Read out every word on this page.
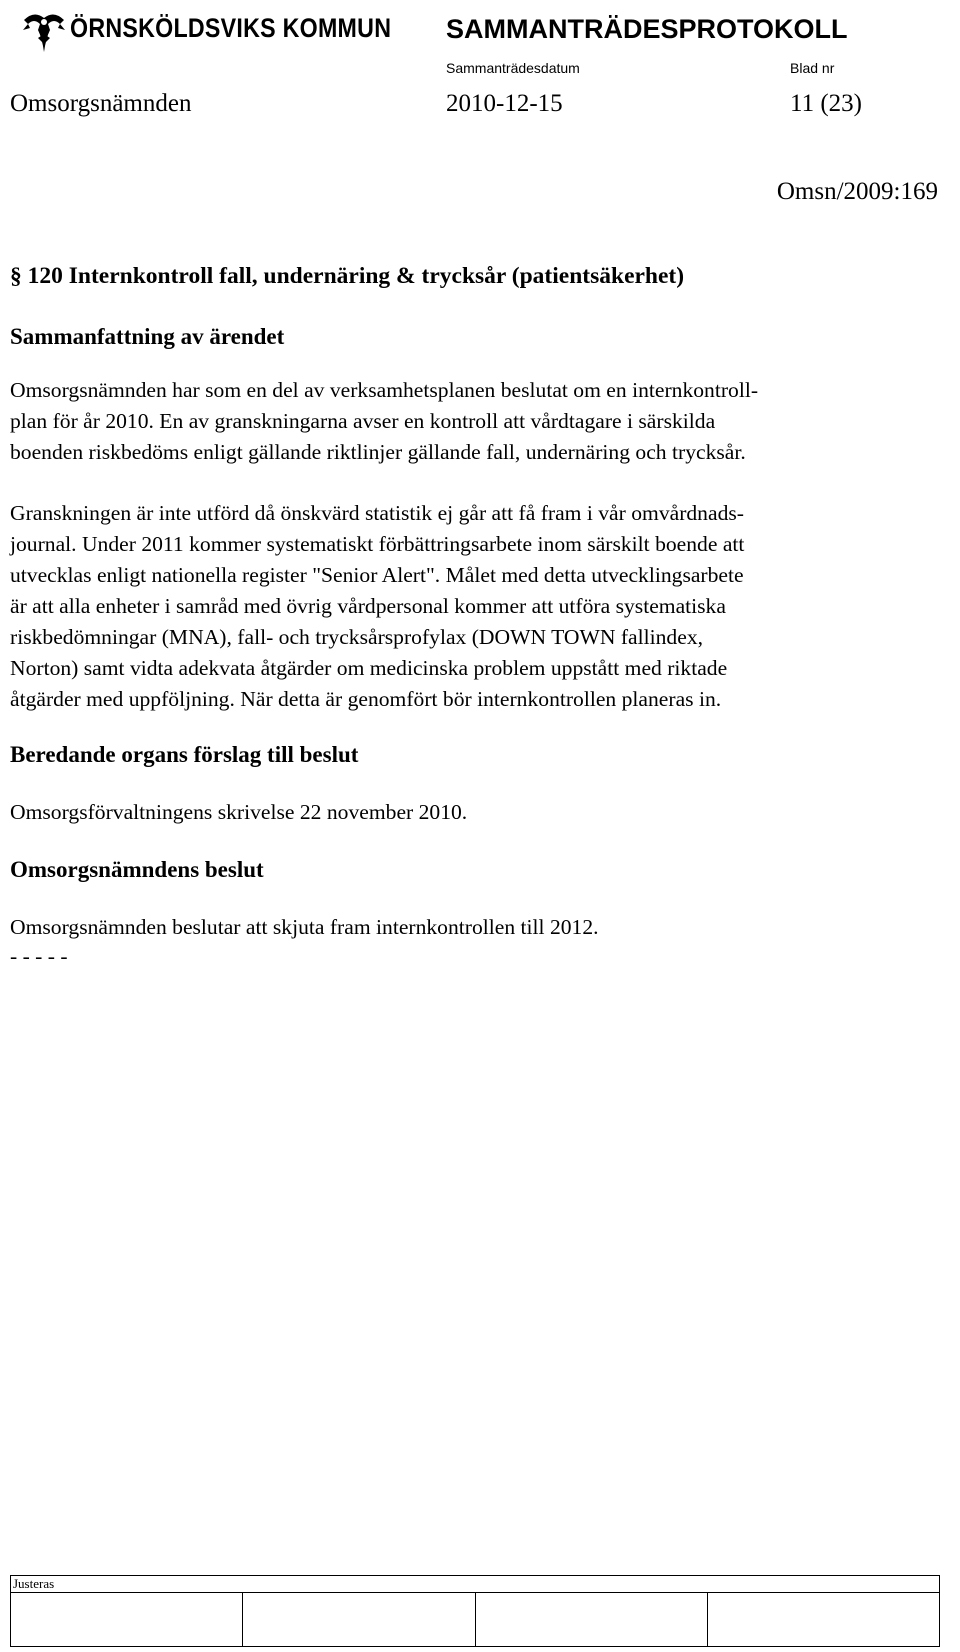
ÖRNSKÖLDSVIKS KOMMUN SAMMANTRÄDESPROTOKOLL
Sammanträdesdatum	Blad nr
Omsorgsnämnden	2010-12-15	11 (23)
Omsn/2009:169
§ 120 Internkontroll fall, undernäring & trycksår (patientsäkerhet)
Sammanfattning av ärendet

Omsorgsnämnden har som en del av verksamhetsplanen beslutat om en internkontroll-
plan för år 2010. En av granskningarna avser en kontroll att vårdtagare i särskilda
boenden riskbedöms enligt gällande riktlinjer gällande fall, undernäring och trycksår.

Granskningen är inte utförd då önskvärd statistik ej går att få fram i vår omvårdnads-
journal. Under 2011 kommer systematiskt förbättringsarbete inom särskilt boende att
utvecklas enligt nationella register "Senior Alert". Målet med detta utvecklingsarbete
är att alla enheter i samråd med övrig vårdpersonal kommer att utföra systematiska
riskbedömningar (MNA), fall- och trycksårsprofylax (DOWN TOWN fallindex,
Norton) samt vidta adekvata åtgärder om medicinska problem uppstått med riktade
åtgärder med uppföljning. När detta är genomfört bör internkontrollen planeras in.

Beredande organs förslag till beslut

Omsorgsförvaltningens skrivelse 22 november 2010.

Omsorgsnämndens beslut

Omsorgsnämnden beslutar att skjuta fram internkontrollen till 2012.

- - - - -

Justeras
